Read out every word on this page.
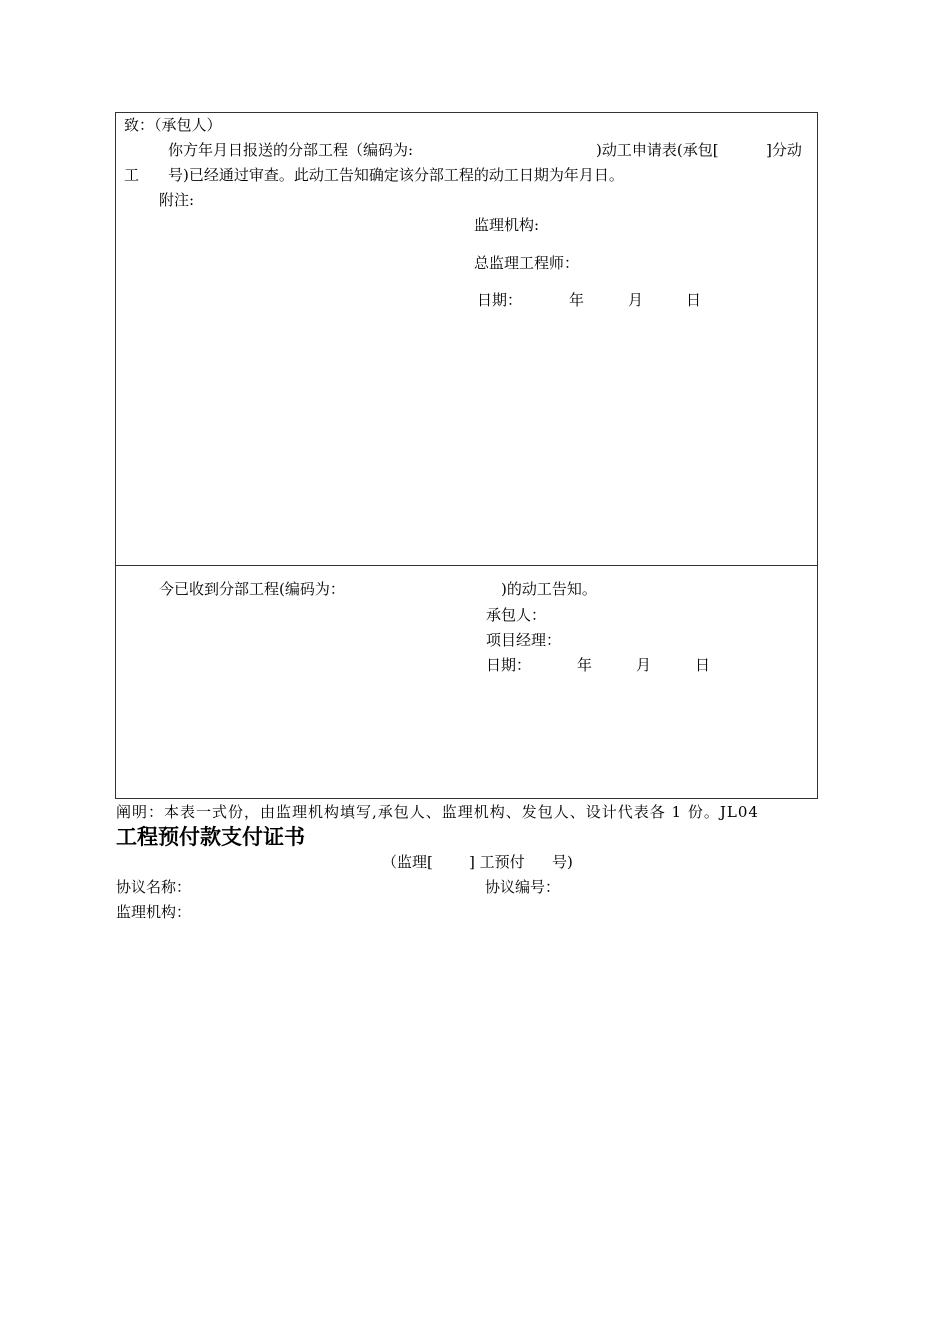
致：（承包人）
你方年月日报送的分部工程（编码为:	)动工申请表(承包[	]分动
工 号)已经通过审查。此动工告知确定该分部工程的动工日期为年月日。
附注:
监理机构:
总监理工程师：
日期：	年	月	日
今已收到分部工程(编码为：	)的动工告知。
承包人：
项目经理：
日期：	年	月	日
阐明：本表一式份，由监理机构填写,承包人、监理机构、发包人、设计代表各 1 份。JL04
工程预付款支付证书
（监理[ ] 工预付 号)
协议名称：	协议编号：
监理机构：
